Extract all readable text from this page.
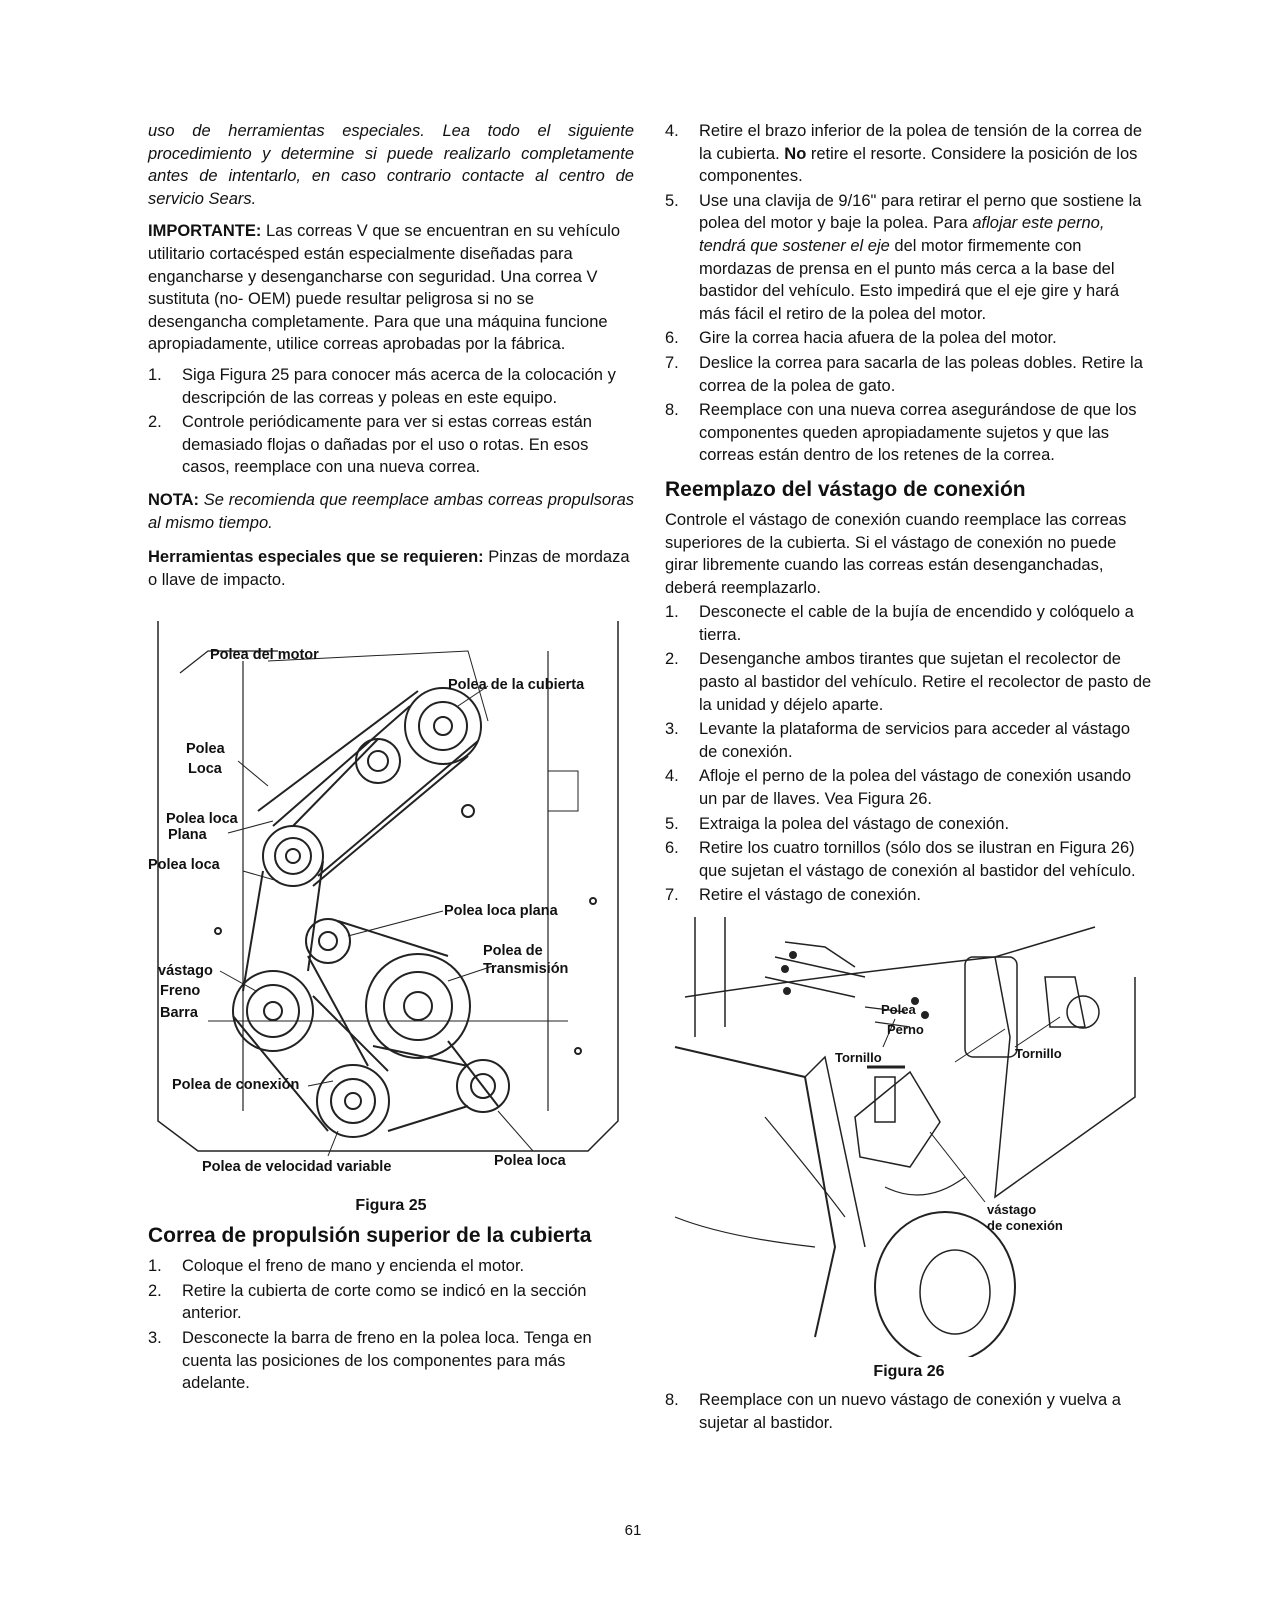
uso de herramientas especiales. Lea todo el siguiente procedimiento y determine si puede realizarlo completamente antes de intentarlo, en caso contrario contacte al centro de servicio Sears.

IMPORTANTE: Las correas V que se encuentran en su vehículo utilitario cortacésped están especialmente diseñadas para engancharse y desengancharse con seguridad. Una correa V sustituta (no- OEM) puede resultar peligrosa si no se desengancha completamente. Para que una máquina funcione apropiadamente, utilice correas aprobadas por la fábrica.

1. Siga Figura 25 para conocer más acerca de la colocación y descripción de las correas y poleas en este equipo.
2. Controle periódicamente para ver si estas correas están demasiado flojas o dañadas por el uso o rotas. En esos casos, reemplace con una nueva correa.

NOTA: Se recomienda que reemplace ambas correas propulsoras al mismo tiempo.

Herramientas especiales que se requieren: Pinzas de mordaza o llave de impacto.

Polea del motor
Polea de la cubierta
Polea
Loca
Polea loca
Plana
Polea loca
Polea loca plana
Polea de
Transmisión
vástago
Freno
Barra
Polea de conexión
Polea de velocidad variable	Polea loca
Figura 25
Correa de propulsión superior de la cubierta
1. Coloque el freno de mano y encienda el motor.
2. Retire la cubierta de corte como se indicó en la sección anterior.
3. Desconecte la barra de freno en la polea loca. Tenga en cuenta las posiciones de los componentes para más adelante.
4. Retire el brazo inferior de la polea de tensión de la correa de la cubierta. No retire el resorte. Considere la posición de los componentes.
5. Use una clavija de 9/16" para retirar el perno que sostiene la polea del motor y baje la polea. Para aflojar este perno, tendrá que sostener el eje del motor firmemente con mordazas de prensa en el punto más cerca a la base del bastidor del vehículo. Esto impedirá que el eje gire y hará más fácil el retiro de la polea del motor.
6. Gire la correa hacia afuera de la polea del motor.
7. Deslice la correa para sacarla de las poleas dobles. Retire la correa de la polea de gato.
8. Reemplace con una nueva correa asegurándose de que los componentes queden apropiadamente sujetos y que las correas están dentro de los retenes de la correa.
Reemplazo del vástago de conexión

Controle el vástago de conexión cuando reemplace las correas superiores de la cubierta. Si el vástago de conexión no puede girar libremente cuando las correas están desenganchadas, deberá reemplazarlo.

1. Desconecte el cable de la bujía de encendido y colóquelo a tierra.
2. Desenganche ambos tirantes que sujetan el recolector de pasto al bastidor del vehículo. Retire el recolector de pasto de la unidad y déjelo aparte.
3. Levante la plataforma de servicios para acceder al vástago de conexión.
4. Afloje el perno de la polea del vástago de conexión usando un par de llaves. Vea Figura 26.
5. Extraiga la polea del vástago de conexión.
6. Retire los cuatro tornillos (sólo dos se ilustran en Figura 26) que sujetan el vástago de conexión al bastidor del vehículo.
7. Retire el vástago de conexión.
Polea
Perno
Tornillo	Tornillo
vástago
de conexión
Figura 26
8. Reemplace con un nuevo vástago de conexión y vuelva a sujetar al bastidor.
61
